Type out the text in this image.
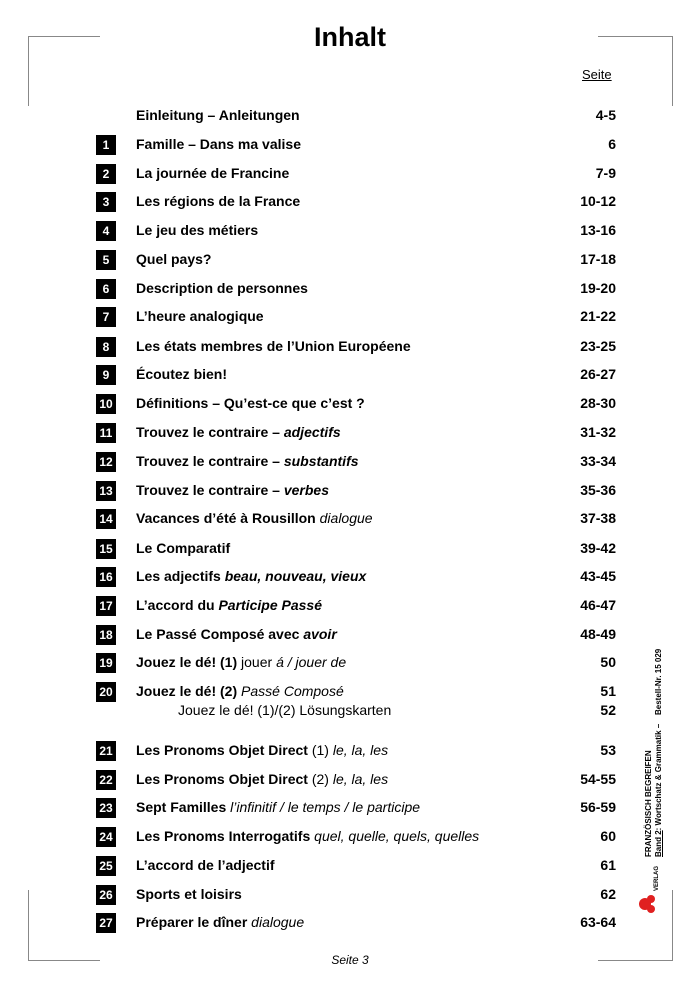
Inhalt
Seite
Einleitung – Anleitungen	4-5
1	Famille – Dans ma valise	6
2	La journée de Francine	7-9
3	Les régions de la France	10-12
4	Le jeu des métiers	13-16
5	Quel pays?	17-18
6	Description de personnes	19-20
7	L’heure analogique	21-22
8	Les états membres de l’Union Européene	23-25
9	Écoutez bien!	26-27
10 Définitions – Qu’est-ce que c’est ?	28-30
11 Trouvez le contraire – adjectifs	31-32
12 Trouvez le contraire – substantifs	33-34
13 Trouvez le contraire – verbes	35-36
14 Vacances d’été à Rousillon dialogue	37-38
15 Le Comparatif	39-42
16 Les adjectifs beau, nouveau, vieux	43-45
17 L’accord du Participe Passé	46-47
18 Le Passé Composé avec avoir	48-49
19 Jouez le dé! (1) jouer á / jouer de	50
20 Jouez le dé! (2) Passé Composé	51
Jouez le dé! (1)/(2) Lösungskarten	52
21 Les Pronoms Objet Direct (1) le, la, les	53
22 Les Pronoms Objet Direct (2) le, la, les	54-55
23 Sept Familles l’infinitif / le temps / le participe	56-59
24 Les Pronoms Interrogatifs quel, quelle, quels, quelles	60
25 L’accord de l’adjectif	61
26 Sports et loisirs	62
27 Préparer le dîner dialogue	63-64
Seite 3
VERLAG
FRANZÖSISCH BEGREIFEN Band 2: Wortschatz & Grammatik –
Bestell-Nr. 15 029
